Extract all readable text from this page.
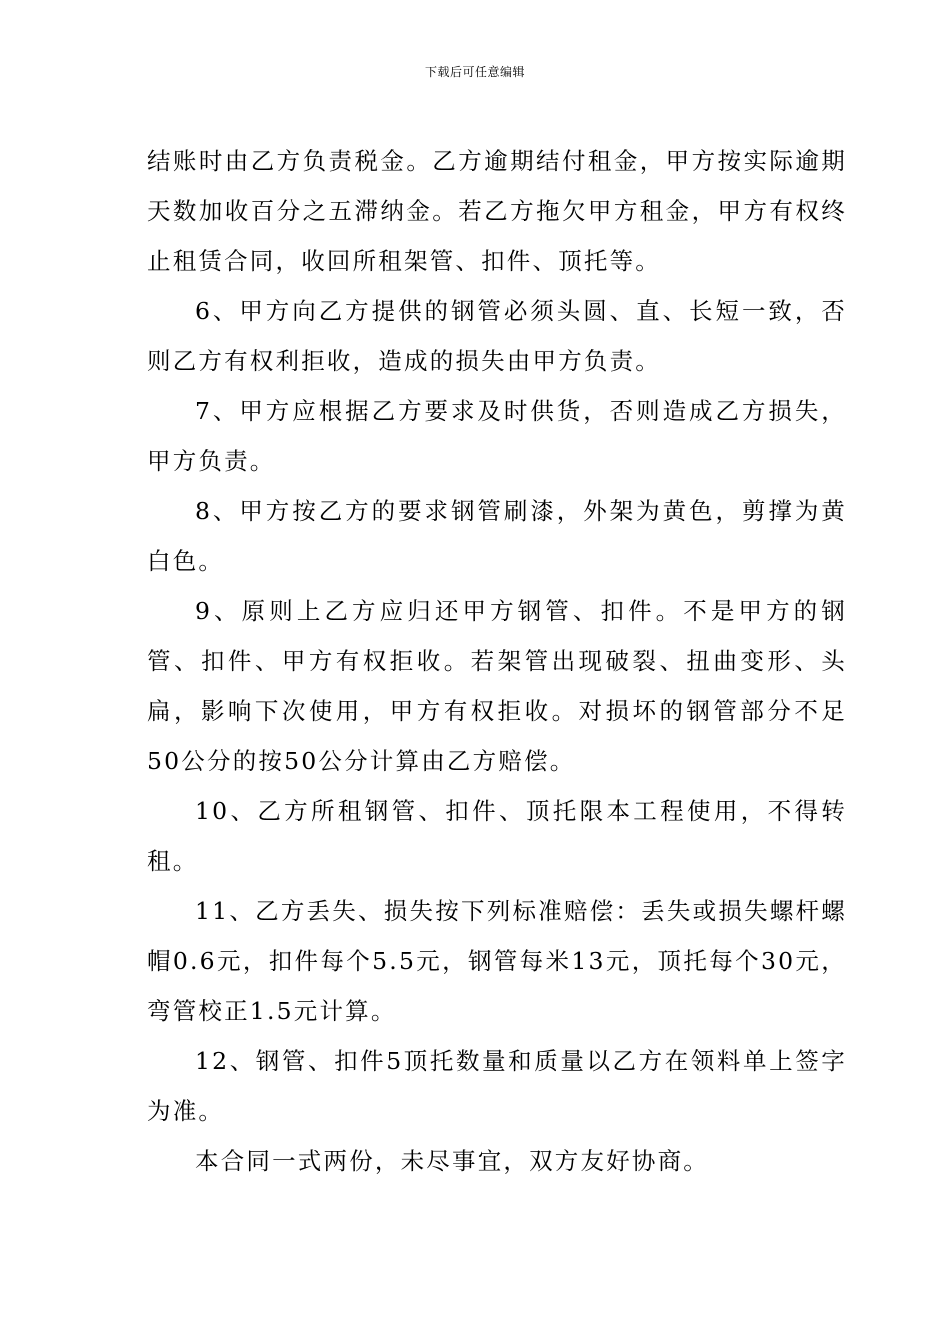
下载后可任意编辑

结账时由乙方负责税金。乙方逾期结付租金，甲方按实际逾期天数加收百分之五滞纳金。若乙方拖欠甲方租金，甲方有权终止租赁合同，收回所租架管、扣件、顶托等。

6、甲方向乙方提供的钢管必须头圆、直、长短一致，否则乙方有权利拒收，造成的损失由甲方负责。

7、甲方应根据乙方要求及时供货，否则造成乙方损失，甲方负责。

8、甲方按乙方的要求钢管刷漆，外架为黄色，剪撑为黄白色。

9、原则上乙方应归还甲方钢管、扣件。不是甲方的钢管、扣件、甲方有权拒收。若架管出现破裂、扭曲变形、头扁，影响下次使用，甲方有权拒收。对损坏的钢管部分不足50公分的按50公分计算由乙方赔偿。

10、乙方所租钢管、扣件、顶托限本工程使用，不得转租。

11、乙方丢失、损失按下列标准赔偿：丢失或损失螺杆螺帽0.6元，扣件每个5.5元，钢管每米13元，顶托每个30元，弯管校正1.5元计算。

12、钢管、扣件5顶托数量和质量以乙方在领料单上签字为准。

本合同一式两份，未尽事宜，双方友好协商。
